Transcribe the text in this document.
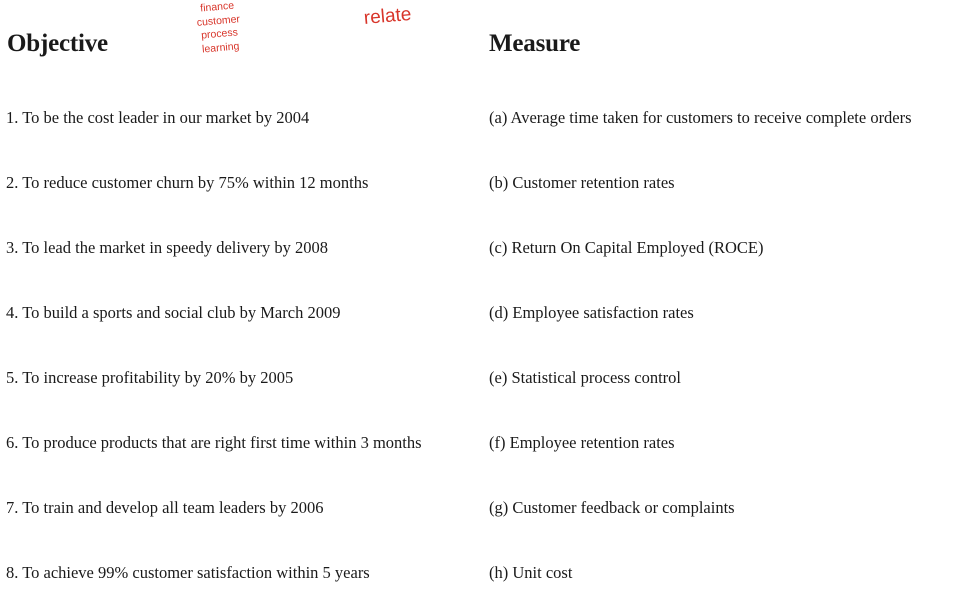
Objective	Measure
finance
customer
process
learning
relate
1. To be the cost leader in our market by 2004
2. To reduce customer churn by 75% within 12 months
3. To lead the market in speedy delivery by 2008
4. To build a sports and social club by March 2009
5. To increase profitability by 20% by 2005
6. To produce products that are right first time within 3 months
7. To train and develop all team leaders by 2006
8. To achieve 99% customer satisfaction within 5 years
(a) Average time taken for customers to receive complete orders
(b) Customer retention rates
(c) Return On Capital Employed (ROCE)
(d) Employee satisfaction rates
(e) Statistical process control
(f) Employee retention rates
(g) Customer feedback or complaints
(h) Unit cost
